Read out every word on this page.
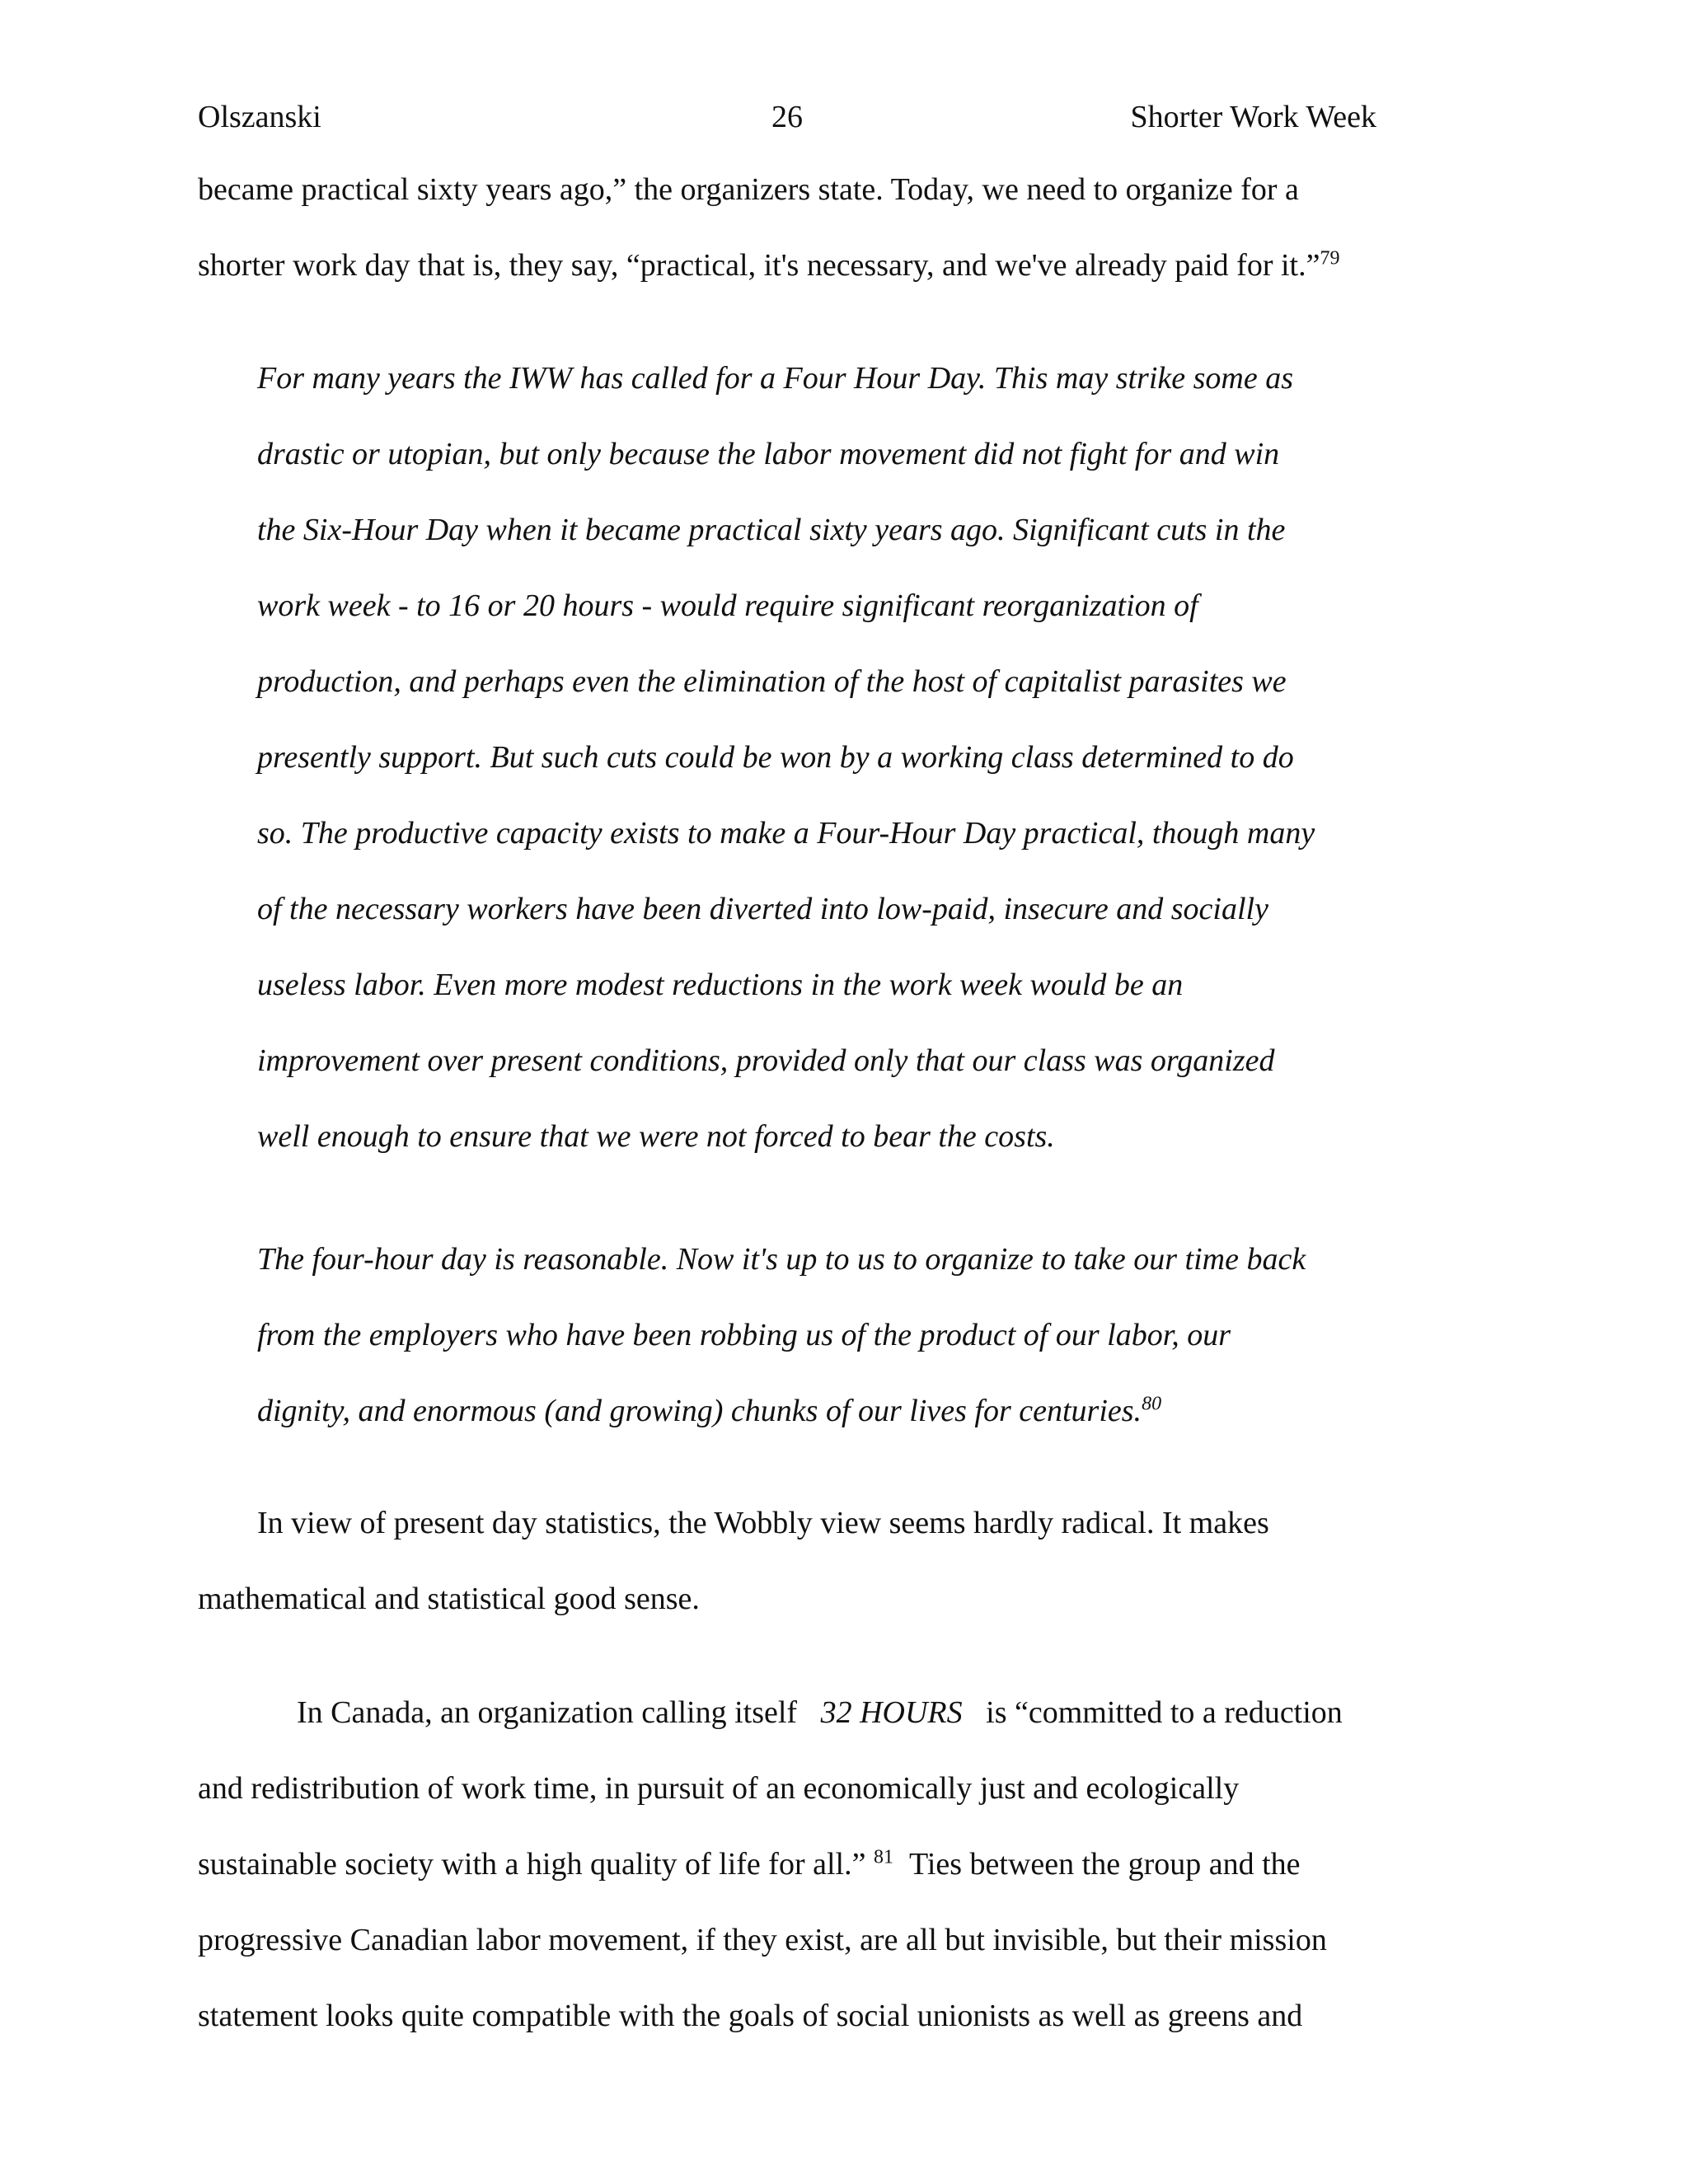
Olszanski	26	Shorter Work Week
became practical sixty years ago,” the organizers state. Today, we need to organize for a
shorter work day that is, they say, “practical, it's necessary, and we've already paid for it.”$^{79}$
For many years the IWW has called for a Four Hour Day. This may strike some as
drastic or utopian, but only because the labor movement did not fight for and win
the Six-Hour Day when it became practical sixty years ago. Significant cuts in the
work week - to 16 or 20 hours - would require significant reorganization of
production, and perhaps even the elimination of the host of capitalist parasites we
presently support. But such cuts could be won by a working class determined to do
so. The productive capacity exists to make a Four-Hour Day practical, though many
of the necessary workers have been diverted into low-paid, insecure and socially
useless labor. Even more modest reductions in the work week would be an
improvement over present conditions, provided only that our class was organized
well enough to ensure that we were not forced to bear the costs.
The four-hour day is reasonable. Now it's up to us to organize to take our time back
from the employers who have been robbing us of the product of our labor, our
dignity, and enormous (and growing) chunks of our lives for centuries.$^{80}$
In view of present day statistics, the Wobbly view seems hardly radical. It makes
mathematical and statistical good sense.
In Canada, an organization calling itself 32 HOURS is “committed to a reduction
and redistribution of work time, in pursuit of an economically just and ecologically
sustainable society with a high quality of life for all.” $^{81}$ Ties between the group and the
progressive Canadian labor movement, if they exist, are all but invisible, but their mission
statement looks quite compatible with the goals of social unionists as well as greens and
